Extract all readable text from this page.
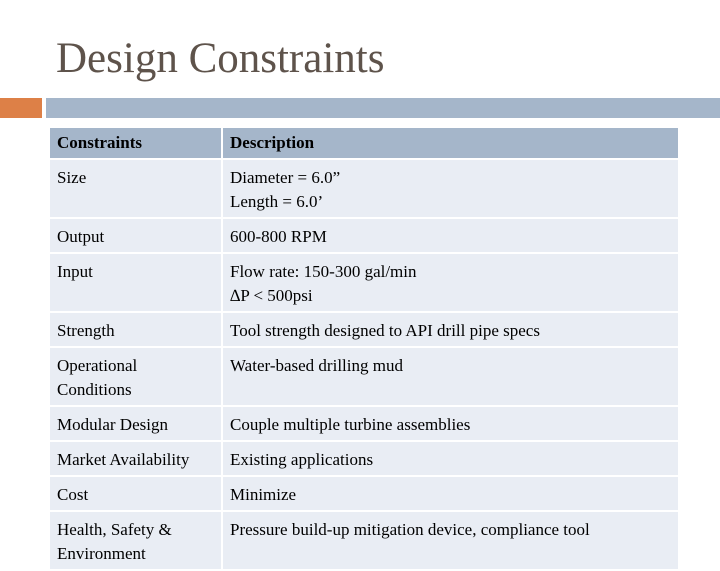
Design Constraints
Constraints	Description

Size	Diameter = 6.0”
Length = 6.0’

Output	600-800 RPM

Input	Flow rate: 150-300 gal/min
∆P < 500psi

Strength	Tool strength designed to API drill pipe specs

Operational
Conditions	Water-based drilling mud

Modular Design	Couple multiple turbine assemblies

Market Availability	Existing applications

Cost	Minimize

Health, Safety &
Environment	Pressure build-up mitigation device, compliance tool
